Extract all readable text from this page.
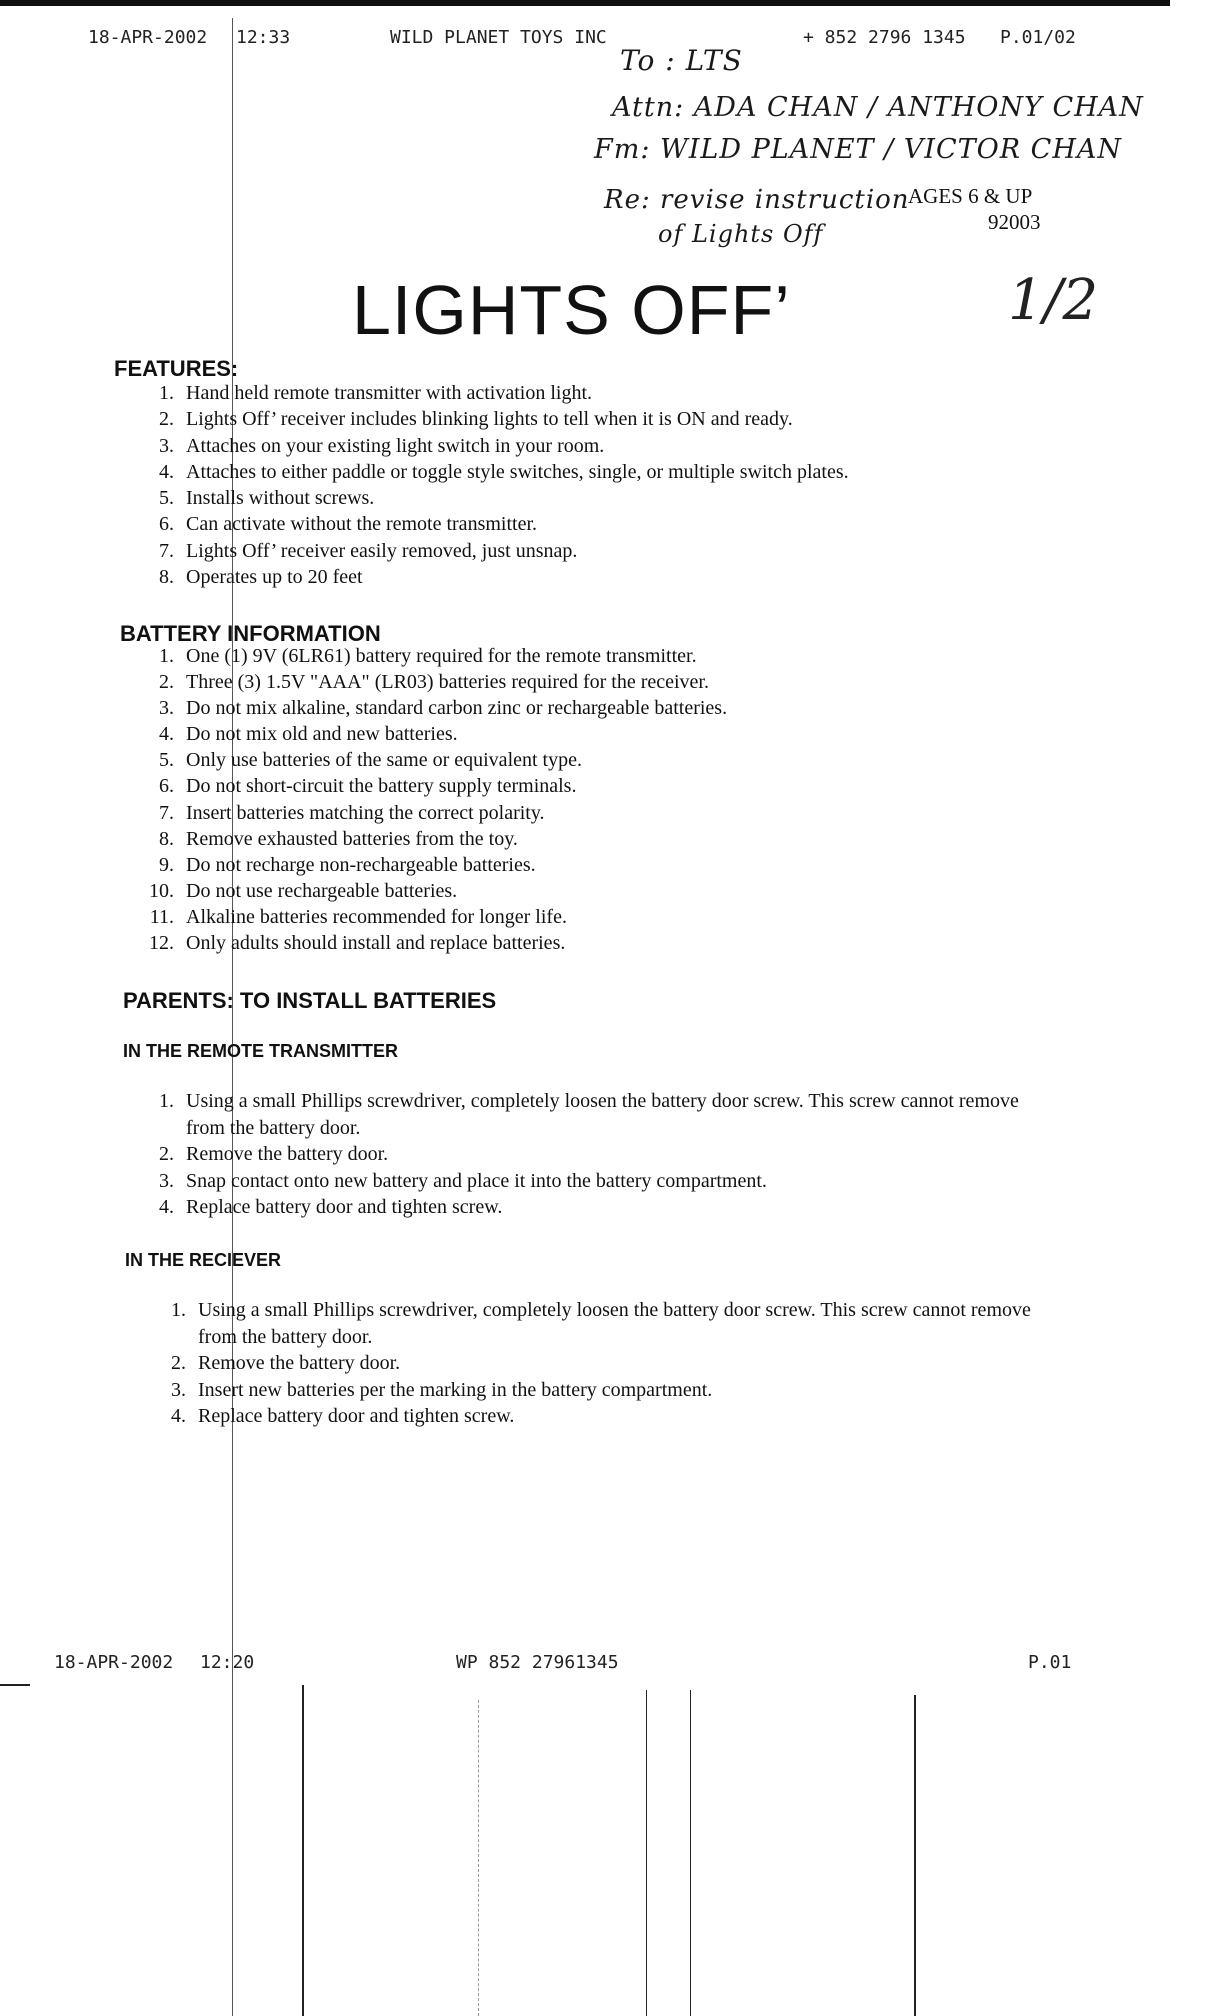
18-APR-2002 12:33	WILD PLANET TOYS INC	+ 852 2796 1345 P.01/02
To : LTS
Attn: ADA CHAN / ANTHONY CHAN
Fm: WILD PLANET / VICTOR CHAN
Re: revise instruction
of Lights Off
1/2
AGES 6 & UP
92003
LIGHTS OFF’
FEATURES:
1. Hand held remote transmitter with activation light.
2. Lights Off’ receiver includes blinking lights to tell when it is ON and ready.
3. Attaches on your existing light switch in your room.
4. Attaches to either paddle or toggle style switches, single, or multiple switch plates.
5. Installs without screws.
6. Can activate without the remote transmitter.
7. Lights Off’ receiver easily removed, just unsnap.
8. Operates up to 20 feet
BATTERY INFORMATION
1. One (1) 9V (6LR61) battery required for the remote transmitter.
2. Three (3) 1.5V "AAA" (LR03) batteries required for the receiver.
3. Do not mix alkaline, standard carbon zinc or rechargeable batteries.
4. Do not mix old and new batteries.
5. Only use batteries of the same or equivalent type.
6. Do not short-circuit the battery supply terminals.
7. Insert batteries matching the correct polarity.
8. Remove exhausted batteries from the toy.
9. Do not recharge non-rechargeable batteries.
10. Do not use rechargeable batteries.
11. Alkaline batteries recommended for longer life.
12. Only adults should install and replace batteries.
PARENTS: TO INSTALL BATTERIES
IN THE REMOTE TRANSMITTER
1. Using a small Phillips screwdriver, completely loosen the battery door screw. This screw cannot remove from the battery door.
2. Remove the battery door.
3. Snap contact onto new battery and place it into the battery compartment.
4. Replace battery door and tighten screw.
IN THE RECIEVER
1. Using a small Phillips screwdriver, completely loosen the battery door screw. This screw cannot remove from the battery door.
2. Remove the battery door.
3. Insert new batteries per the marking in the battery compartment.
4. Replace battery door and tighten screw.
18-APR-2002 12:20	WP 852 27961345	P.01
